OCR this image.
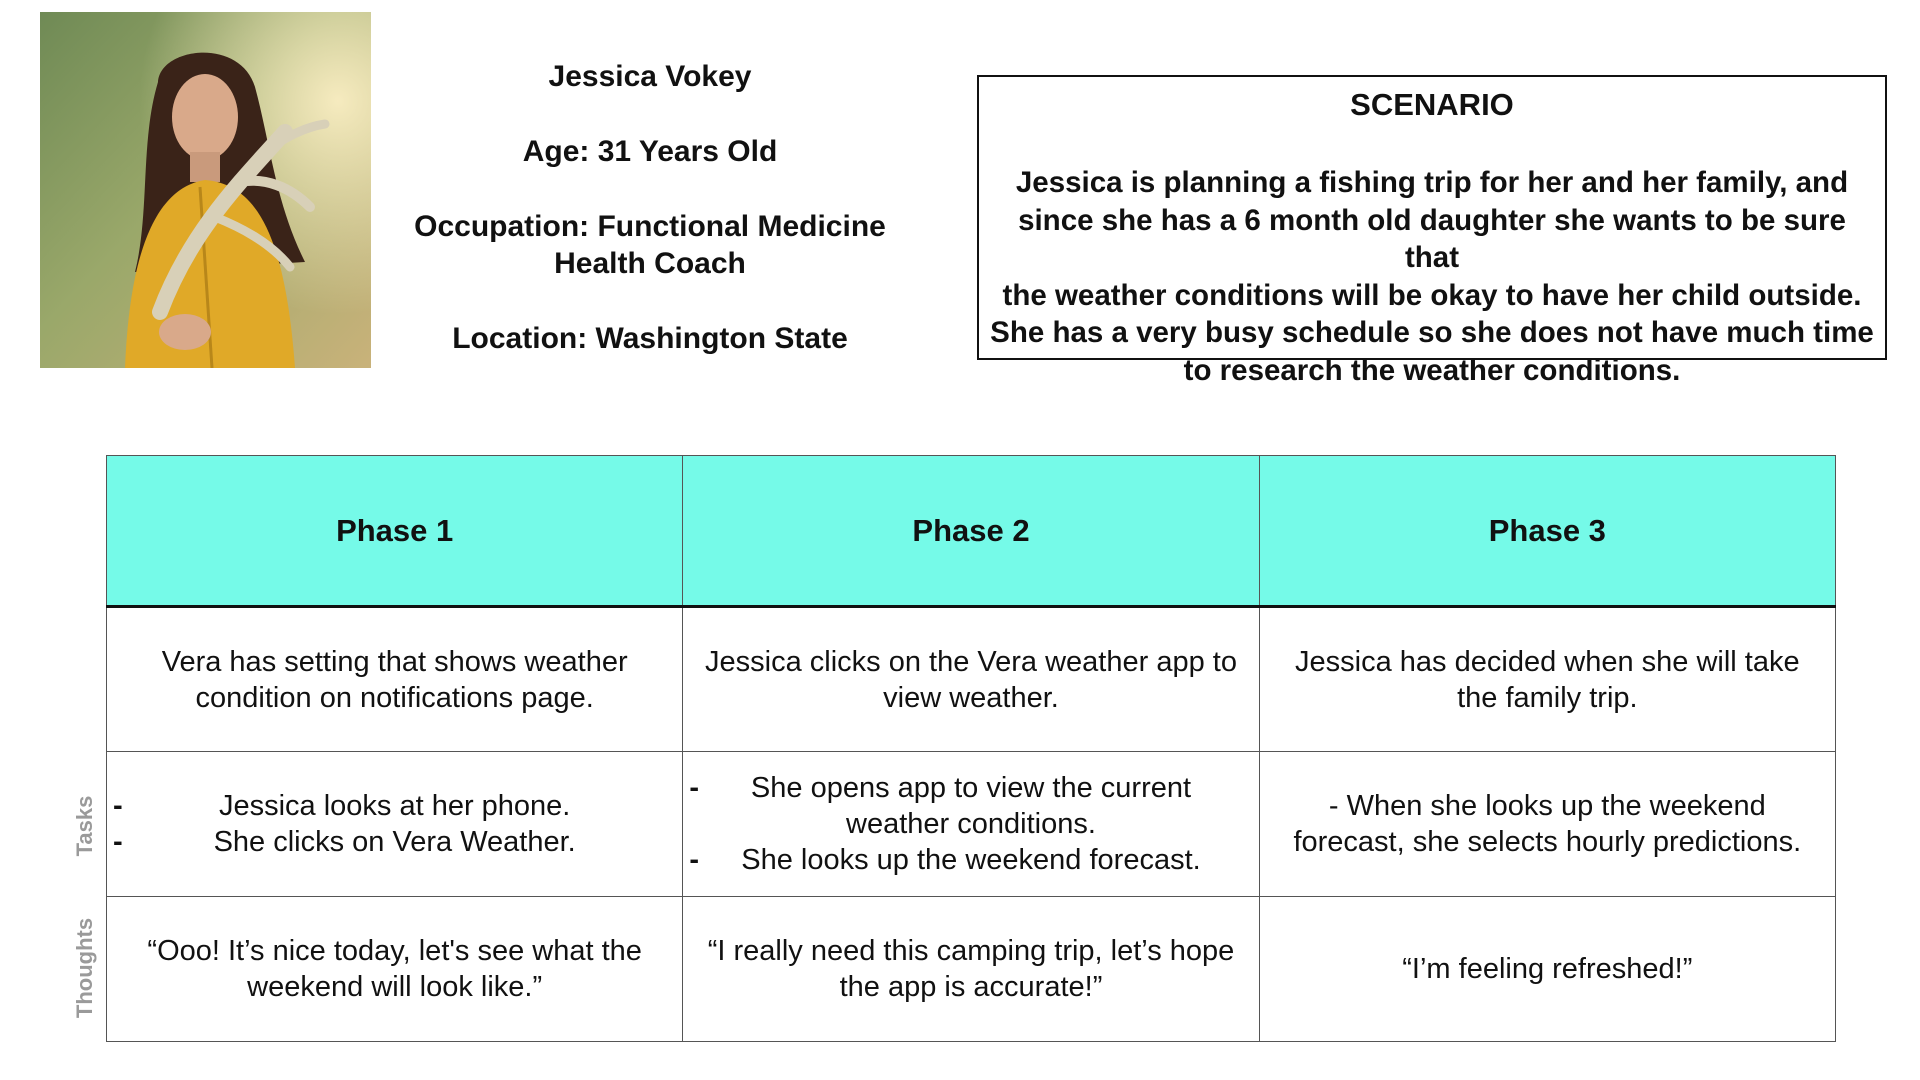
Jessica Vokey

Age: 31 Years Old

Occupation: Functional Medicine
Health Coach

Location: Washington State

SCENARIO
Jessica is planning a fishing trip for her and her family, and
since she has a 6 month old daughter she wants to be sure that
the weather conditions will be okay to have her child outside.
She has a very busy schedule so she does not have much time
to research the weather conditions.
Tasks
Thoughts
Phase 1	Phase 2	Phase 3
Vera has setting that shows weather
condition on notifications page.	Jessica clicks on the Vera weather app to
view weather.	Jessica has decided when she will take
the family trip.

- Jessica looks at her phone.
- She clicks on Vera Weather.	- She opens app to view the current
weather conditions.
- She looks up the weekend forecast.	- When she looks up the weekend
forecast, she selects hourly predictions.
“Ooo! It’s nice today, let's see what the
weekend will look like.”	“I really need this camping trip, let’s hope
the app is accurate!”	“I’m feeling refreshed!”
